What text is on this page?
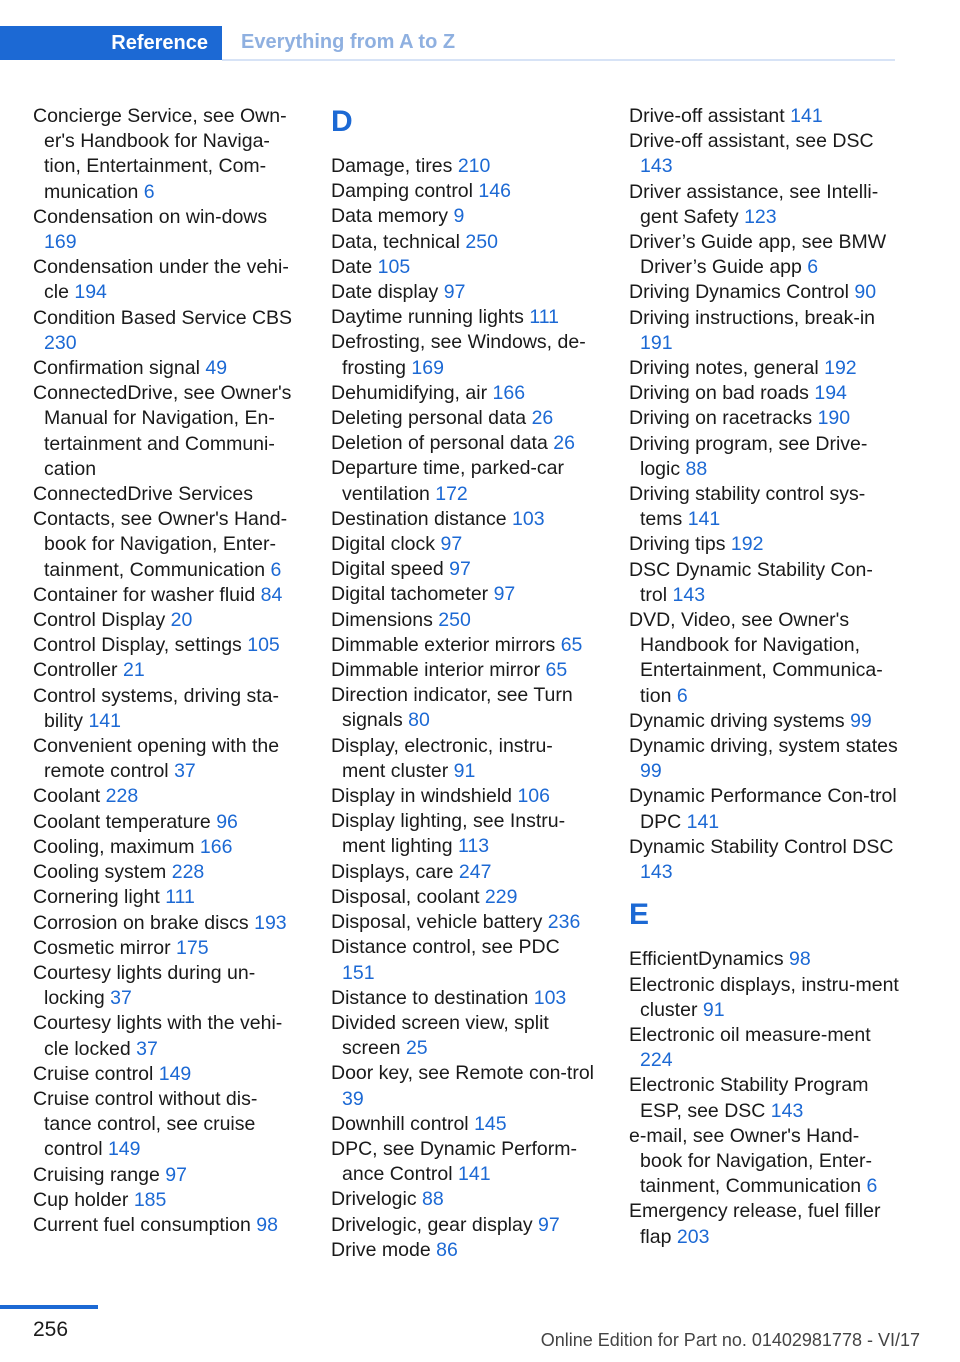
Reference	Everything from A to Z

Concierge Service, see Own-er's Handbook for Naviga-tion, Entertainment, Com-munication 6

Condensation on win-dows 169

Condensation under the vehi-cle 194

Condition Based Service CBS 230

Confirmation signal 49

ConnectedDrive, see Owner's Manual for Navigation, En-tertainment and Communi-cation

ConnectedDrive Services

Contacts, see Owner's Hand-book for Navigation, Enter-tainment, Communication 6

Container for washer fluid 84

Control Display 20

Control Display, settings 105

Controller 21

Control systems, driving sta-bility 141

Convenient opening with the remote control 37

Coolant 228

Coolant temperature 96

Cooling, maximum 166

Cooling system 228

Cornering light 111

Corrosion on brake discs 193

Cosmetic mirror 175

Courtesy lights during un-locking 37

Courtesy lights with the vehi-cle locked 37

Cruise control 149

Cruise control without dis-tance control, see cruise control 149

Cruising range 97

Cup holder 185

Current fuel consumption 98

D

Damage, tires 210

Damping control 146

Data memory 9

Data, technical 250

Date 105

Date display 97

Daytime running lights 111

Defrosting, see Windows, de-frosting 169

Dehumidifying, air 166

Deleting personal data 26

Deletion of personal data 26

Departure time, parked-car ventilation 172

Destination distance 103

Digital clock 97

Digital speed 97

Digital tachometer 97

Dimensions 250

Dimmable exterior mirrors 65

Dimmable interior mirror 65

Direction indicator, see Turn signals 80

Display, electronic, instru-ment cluster 91

Display in windshield 106

Display lighting, see Instru-ment lighting 113

Displays, care 247

Disposal, coolant 229

Disposal, vehicle battery 236

Distance control, see PDC 151

Distance to destination 103

Divided screen view, split screen 25

Door key, see Remote con-trol 39

Downhill control 145

DPC, see Dynamic Perform-ance Control 141

Drivelogic 88

Drivelogic, gear display 97

Drive mode 86

Drive-off assistant 141

Drive-off assistant, see DSC 143

Driver assistance, see Intelli-gent Safety 123

Driver’s Guide app, see BMW Driver’s Guide app 6

Driving Dynamics Control 90

Driving instructions, break-in 191

Driving notes, general 192

Driving on bad roads 194

Driving on racetracks 190

Driving program, see Drive-logic 88

Driving stability control sys-tems 141

Driving tips 192

DSC Dynamic Stability Con-trol 143

DVD, Video, see Owner's Handbook for Navigation, Entertainment, Communica-tion 6

Dynamic driving systems 99

Dynamic driving, system states 99

Dynamic Performance Con-trol DPC 141

Dynamic Stability Control DSC 143

E

EfficientDynamics 98

Electronic displays, instru-ment cluster 91

Electronic oil measure-ment 224

Electronic Stability Program ESP, see DSC 143

e-mail, see Owner's Hand-book for Navigation, Enter-tainment, Communication 6

Emergency release, fuel filler flap 203

256	Online Edition for Part no. 01402981778 - VI/17
